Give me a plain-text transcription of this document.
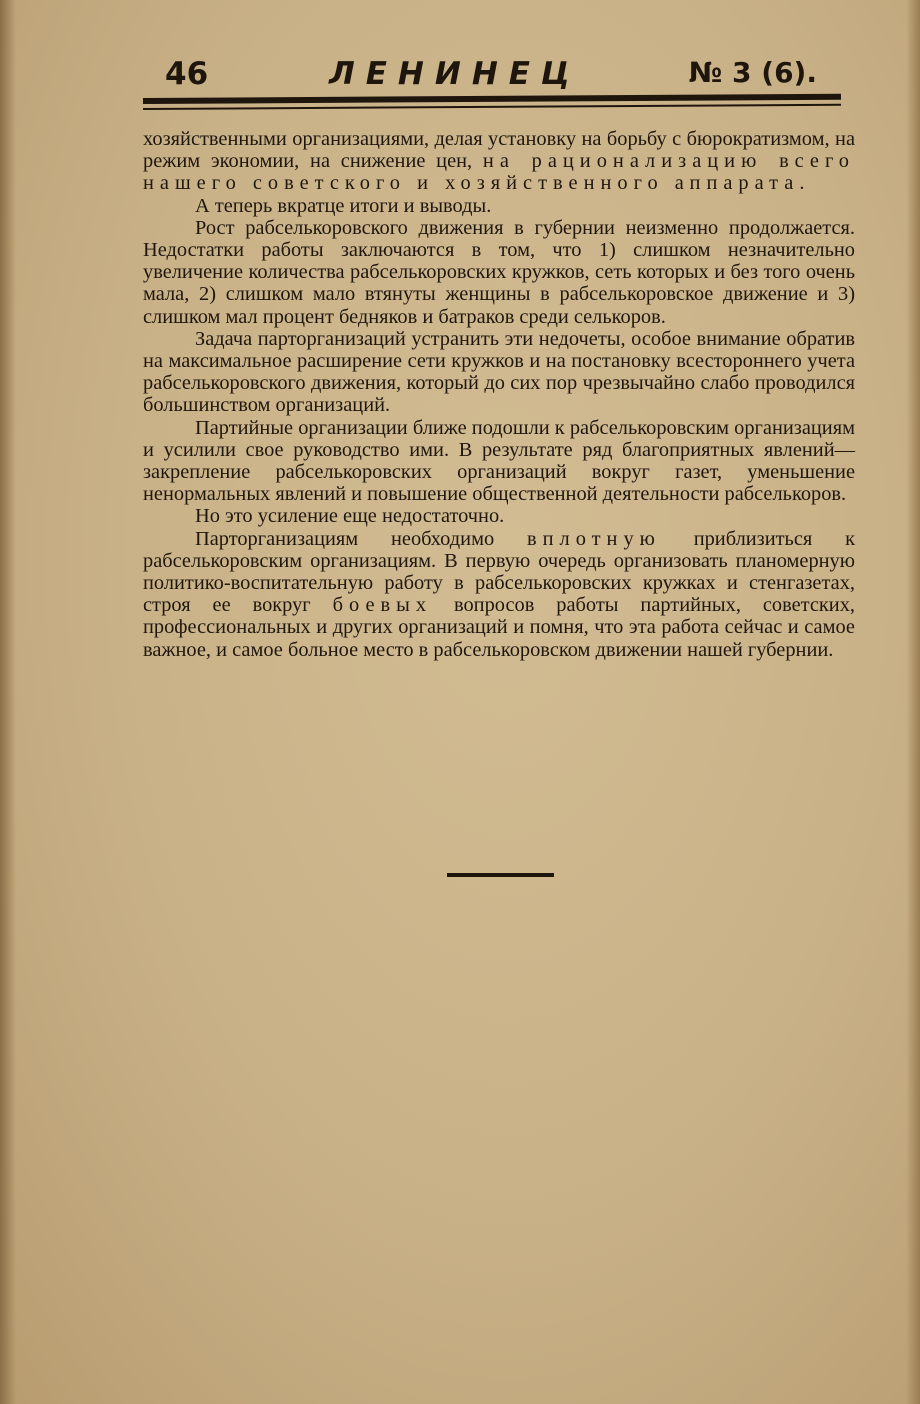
46	ЛЕНИНЕЦ	№ 3 (6).

хозяйственными организациями, делая установку на борьбу с бюрократизмом, на режим экономии, на снижение цен, на рационализацию всего нашего советского и хозяйственного аппарата.

А теперь вкратце итоги и выводы.

Рост рабселькоровского движения в губернии неизменно продолжается. Недостатки работы заключаются в том, что 1) слишком незначительно увеличение количества рабселькоровских кружков, сеть которых и без того очень мала, 2) слишком мало втянуты женщины в рабселькоровское движение и 3) слишком мал процент бедняков и батраков среди селькоров.

Задача парторганизаций устранить эти недочеты, особое внимание обратив на максимальное расширение сети кружков и на постановку всестороннего учета рабселькоровского движения, который до сих пор чрезвычайно слабо проводился большинством организаций.

Партийные организации ближе подошли к рабселькоровским организациям и усилили свое руководство ими. В результате ряд благоприятных явлений—закрепление рабселькоровских организаций вокруг газет, уменьшение ненормальных явлений и повышение общественной деятельности рабселькоров.

Но это усиление еще недостаточно.

Парторганизациям необходимо вплотную приблизиться к рабселькоровским организациям. В первую очередь организовать планомерную политико-воспитательную работу в рабселькоровских кружках и стенгазетах, строя ее вокруг боевых вопросов работы партийных, советских, профессиональных и других организаций и помня, что эта работа сейчас и самое важное, и самое больное место в рабселькоровском движении нашей губернии.
